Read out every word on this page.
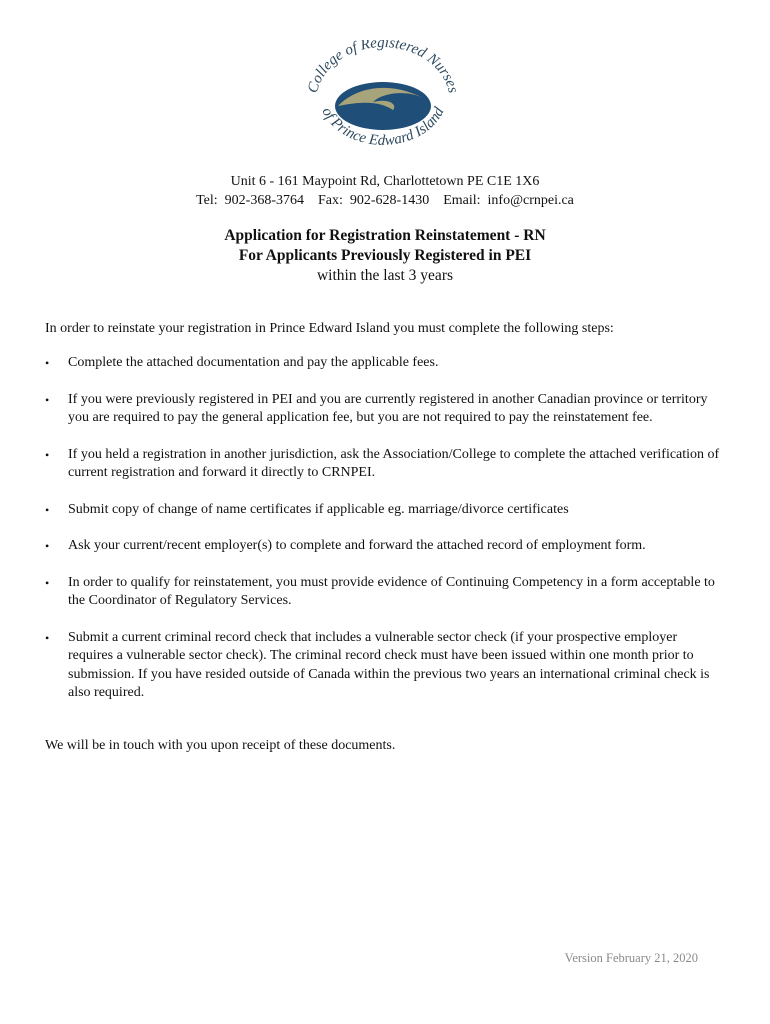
College of Registered Nurses
of Prince Edward Island
Unit 6 - 161 Maypoint Rd, Charlottetown PE C1E 1X6
Tel:  902-368-3764    Fax:  902-628-1430    Email:  info@crnpei.ca
Application for Registration Reinstatement - RN
For Applicants Previously Registered in PEI
within the last 3 years
In order to reinstate your registration in Prince Edward Island you must complete the following steps:
• Complete the attached documentation and pay the applicable fees.
• If you were previously registered in PEI and you are currently registered in another Canadian province or territory you are required to pay the general application fee, but you are not required to pay the reinstatement fee.
• If you held a registration in another jurisdiction, ask the Association/College to complete the attached verification of current registration and forward it directly to CRNPEI.
• Submit copy of change of name certificates if applicable eg. marriage/divorce certificates
• Ask your current/recent employer(s) to complete and forward the attached record of employment form.
• In order to qualify for reinstatement, you must provide evidence of Continuing Competency in a form acceptable to the Coordinator of Regulatory Services.
• Submit a current criminal record check that includes a vulnerable sector check (if your prospective employer requires a vulnerable sector check). The criminal record check must have been issued within one month prior to submission. If you have resided outside of Canada within the previous two years an international criminal check is also required.
We will be in touch with you upon receipt of these documents.
Version February 21, 2020
